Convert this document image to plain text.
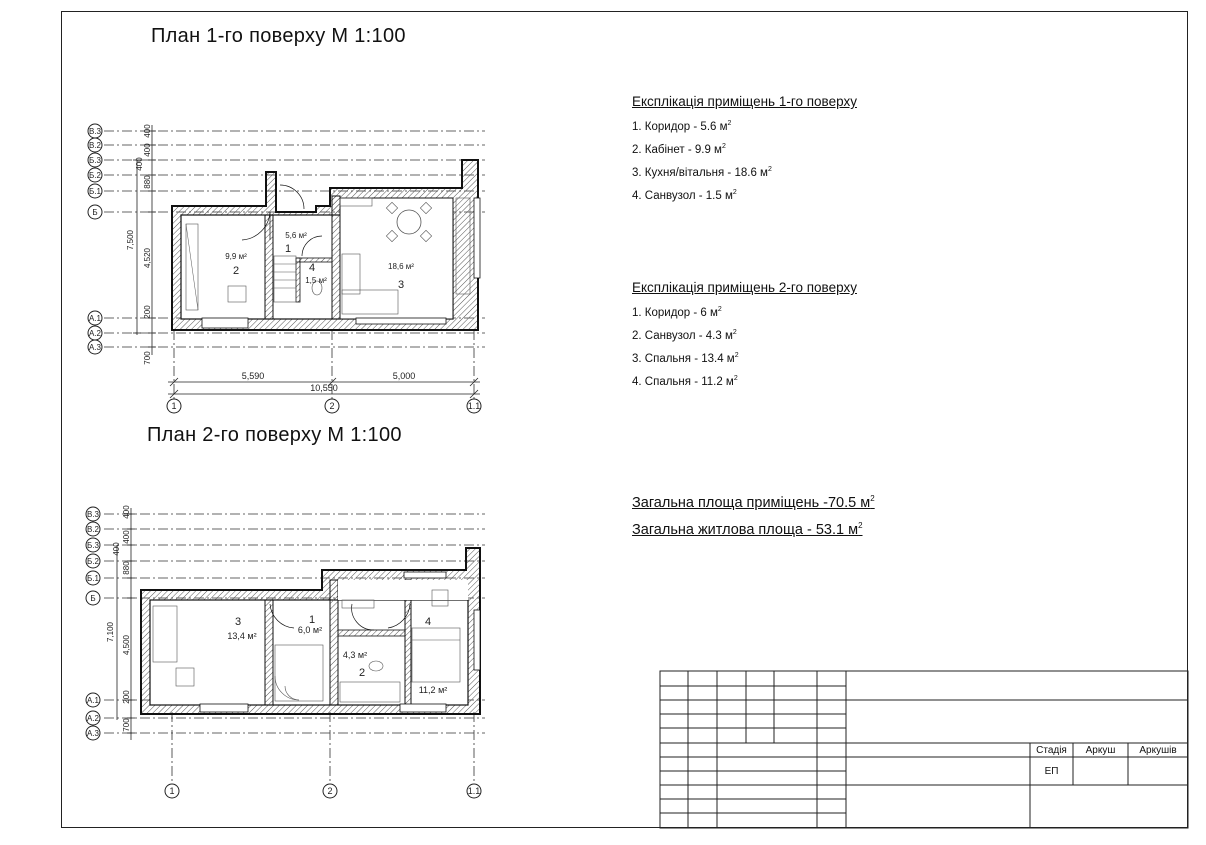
План 1-го поверху М 1:100
План 2-го поверху М 1:100
400
400
400
880
7,500
4,520
200
700
В.3
В.2
Б.3
Б.2
Б.1
Б
А.1
А.2
А.3
5,6 м²
1
9,9 м²
2	18,6 м²
3
1,5 м²
4
5,590	5,000
10,550
1	2	1.1
400
400
400
880
7,100
4,500
200
700
В.3
В.2
Б.3
Б.2
Б.1
Б
А.1
А.2
А.3
6,0 м²
1
4,3 м²
2
13,4 м²
3
11,2 м²
4
1	2	1.1
Стадія	Аркуш	Аркушів
ЕП
Експлікація приміщень 1-го поверху
1. Коридор - 5.6 $м^2$
2. Кабінет - 9.9 $м^2$
3. Кухня/вітальня - 18.6 $м^2$
4. Санвузол - 1.5 $м^2$
Експлікація приміщень 2-го поверху
1. Коридор - 6 $м^2$
2. Санвузол - 4.3 $м^2$
3. Спальня - 13.4 $м^2$
4. Спальня - 11.2 $м^2$
Загальна площа приміщень -70.5 $м^2$
Загальна житлова площа - 53.1 $м^2$
